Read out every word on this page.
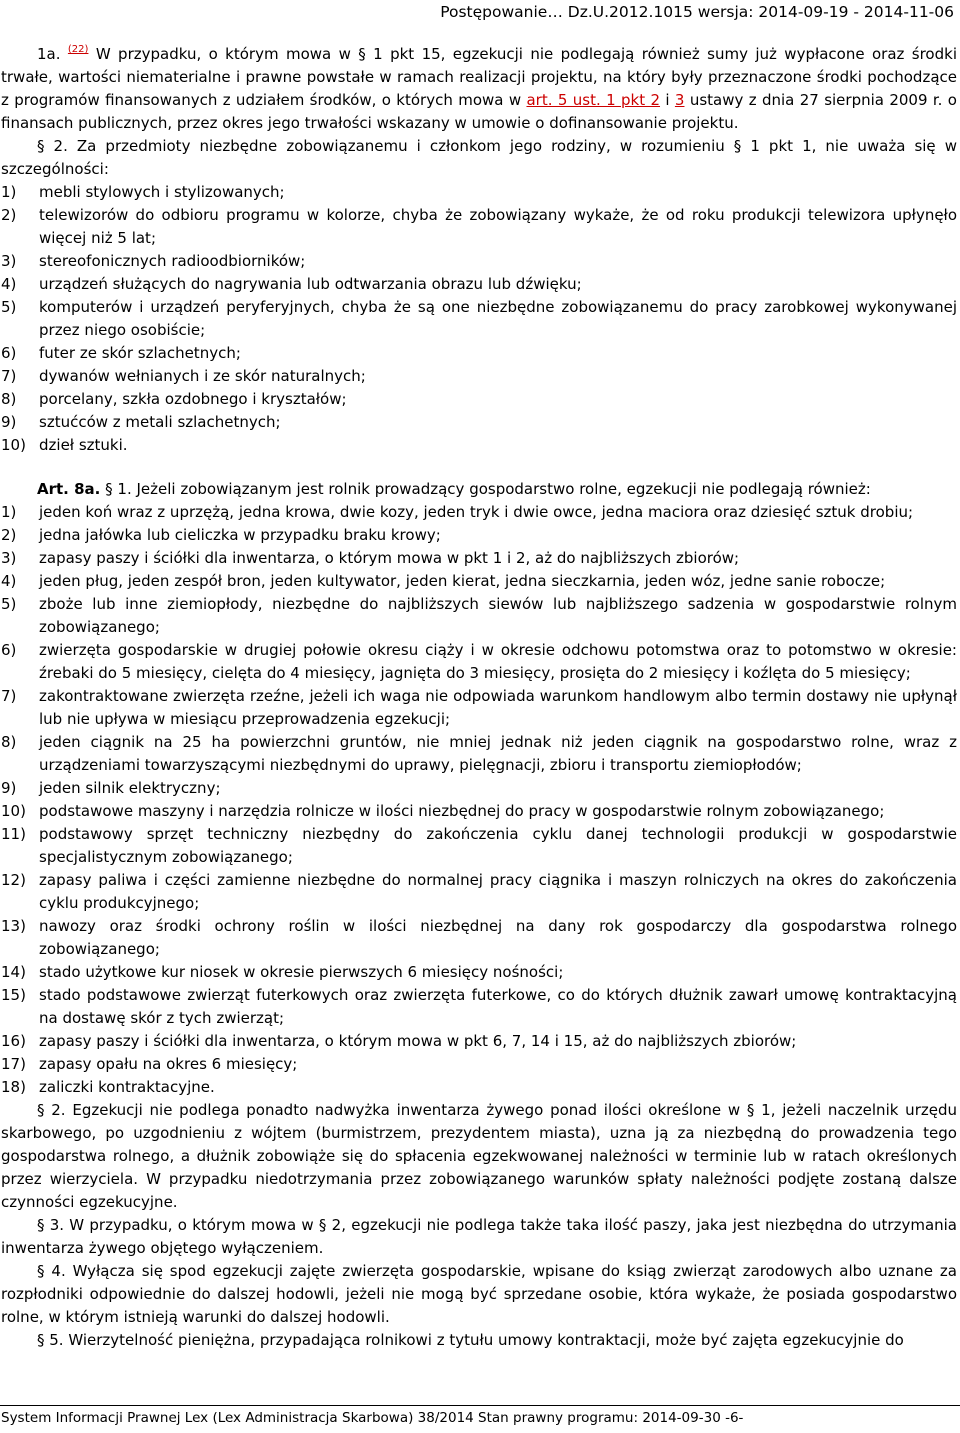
Postępowanie… Dz.U.2012.1015 wersja: 2014-09-19 - 2014-11-06
1a. $^{(22)}$ W przypadku, o którym mowa w § 1 pkt 15, egzekucji nie podlegają również sumy już wypłacone oraz środki trwałe, wartości niematerialne i prawne powstałe w ramach realizacji projektu, na który były przeznaczone środki pochodzące z programów finansowanych z udziałem środków, o których mowa w art. 5 ust. 1 pkt 2 i 3 ustawy z dnia 27 sierpnia 2009 r. o finansach publicznych, przez okres jego trwałości wskazany w umowie o dofinansowanie projektu.
§ 2. Za przedmioty niezbędne zobowiązanemu i członkom jego rodziny, w rozumieniu § 1 pkt 1, nie uważa się w szczególności:
1) mebli stylowych i stylizowanych;
2) telewizorów do odbioru programu w kolorze, chyba że zobowiązany wykaże, że od roku produkcji telewizora upłynęło więcej niż 5 lat;
3) stereofonicznych radioodbiorników;
4) urządzeń służących do nagrywania lub odtwarzania obrazu lub dźwięku;
5) komputerów i urządzeń peryferyjnych, chyba że są one niezbędne zobowiązanemu do pracy zarobkowej wykonywanej przez niego osobiście;
6) futer ze skór szlachetnych;
7) dywanów wełnianych i ze skór naturalnych;
8) porcelany, szkła ozdobnego i kryształów;
9) sztućców z metali szlachetnych;
10) dzieł sztuki.
Art. 8a. § 1. Jeżeli zobowiązanym jest rolnik prowadzący gospodarstwo rolne, egzekucji nie podlegają również:
1) jeden koń wraz z uprzężą, jedna krowa, dwie kozy, jeden tryk i dwie owce, jedna maciora oraz dziesięć sztuk drobiu;
2) jedna jałówka lub cieliczka w przypadku braku krowy;
3) zapasy paszy i ściółki dla inwentarza, o którym mowa w pkt 1 i 2, aż do najbliższych zbiorów;
4) jeden pług, jeden zespół bron, jeden kultywator, jeden kierat, jedna sieczkarnia, jeden wóz, jedne sanie robocze;
5) zboże lub inne ziemiopłody, niezbędne do najbliższych siewów lub najbliższego sadzenia w gospodarstwie rolnym zobowiązanego;
6) zwierzęta gospodarskie w drugiej połowie okresu ciąży i w okresie odchowu potomstwa oraz to potomstwo w okresie: źrebaki do 5 miesięcy, cielęta do 4 miesięcy, jagnięta do 3 miesięcy, prosięta do 2 miesięcy i koźlęta do 5 miesięcy;
7) zakontraktowane zwierzęta rzeźne, jeżeli ich waga nie odpowiada warunkom handlowym albo termin dostawy nie upłynął lub nie upływa w miesiącu przeprowadzenia egzekucji;
8) jeden ciągnik na 25 ha powierzchni gruntów, nie mniej jednak niż jeden ciągnik na gospodarstwo rolne, wraz z urządzeniami towarzyszącymi niezbędnymi do uprawy, pielęgnacji, zbioru i transportu ziemiopłodów;
9) jeden silnik elektryczny;
10) podstawowe maszyny i narzędzia rolnicze w ilości niezbędnej do pracy w gospodarstwie rolnym zobowiązanego;
11) podstawowy sprzęt techniczny niezbędny do zakończenia cyklu danej technologii produkcji w gospodarstwie specjalistycznym zobowiązanego;
12) zapasy paliwa i części zamienne niezbędne do normalnej pracy ciągnika i maszyn rolniczych na okres do zakończenia cyklu produkcyjnego;
13) nawozy oraz środki ochrony roślin w ilości niezbędnej na dany rok gospodarczy dla gospodarstwa rolnego zobowiązanego;
14) stado użytkowe kur niosek w okresie pierwszych 6 miesięcy nośności;
15) stado podstawowe zwierząt futerkowych oraz zwierzęta futerkowe, co do których dłużnik zawarł umowę kontraktacyjną na dostawę skór z tych zwierząt;
16) zapasy paszy i ściółki dla inwentarza, o którym mowa w pkt 6, 7, 14 i 15, aż do najbliższych zbiorów;
17) zapasy opału na okres 6 miesięcy;
18) zaliczki kontraktacyjne.
§ 2. Egzekucji nie podlega ponadto nadwyżka inwentarza żywego ponad ilości określone w § 1, jeżeli naczelnik urzędu skarbowego, po uzgodnieniu z wójtem (burmistrzem, prezydentem miasta), uzna ją za niezbędną do prowadzenia tego gospodarstwa rolnego, a dłużnik zobowiąże się do spłacenia egzekwowanej należności w terminie lub w ratach określonych przez wierzyciela. W przypadku niedotrzymania przez zobowiązanego warunków spłaty należności podjęte zostaną dalsze czynności egzekucyjne.
§ 3. W przypadku, o którym mowa w § 2, egzekucji nie podlega także taka ilość paszy, jaka jest niezbędna do utrzymania inwentarza żywego objętego wyłączeniem.
§ 4. Wyłącza się spod egzekucji zajęte zwierzęta gospodarskie, wpisane do ksiąg zwierząt zarodowych albo uznane za rozpłodniki odpowiednie do dalszej hodowli, jeżeli nie mogą być sprzedane osobie, która wykaże, że posiada gospodarstwo rolne, w którym istnieją warunki do dalszej hodowli.
§ 5. Wierzytelność pieniężna, przypadająca rolnikowi z tytułu umowy kontraktacji, może być zajęta egzekucyjnie do
System Informacji Prawnej Lex (Lex Administracja Skarbowa) 38/2014 Stan prawny programu: 2014-09-30 -6-
